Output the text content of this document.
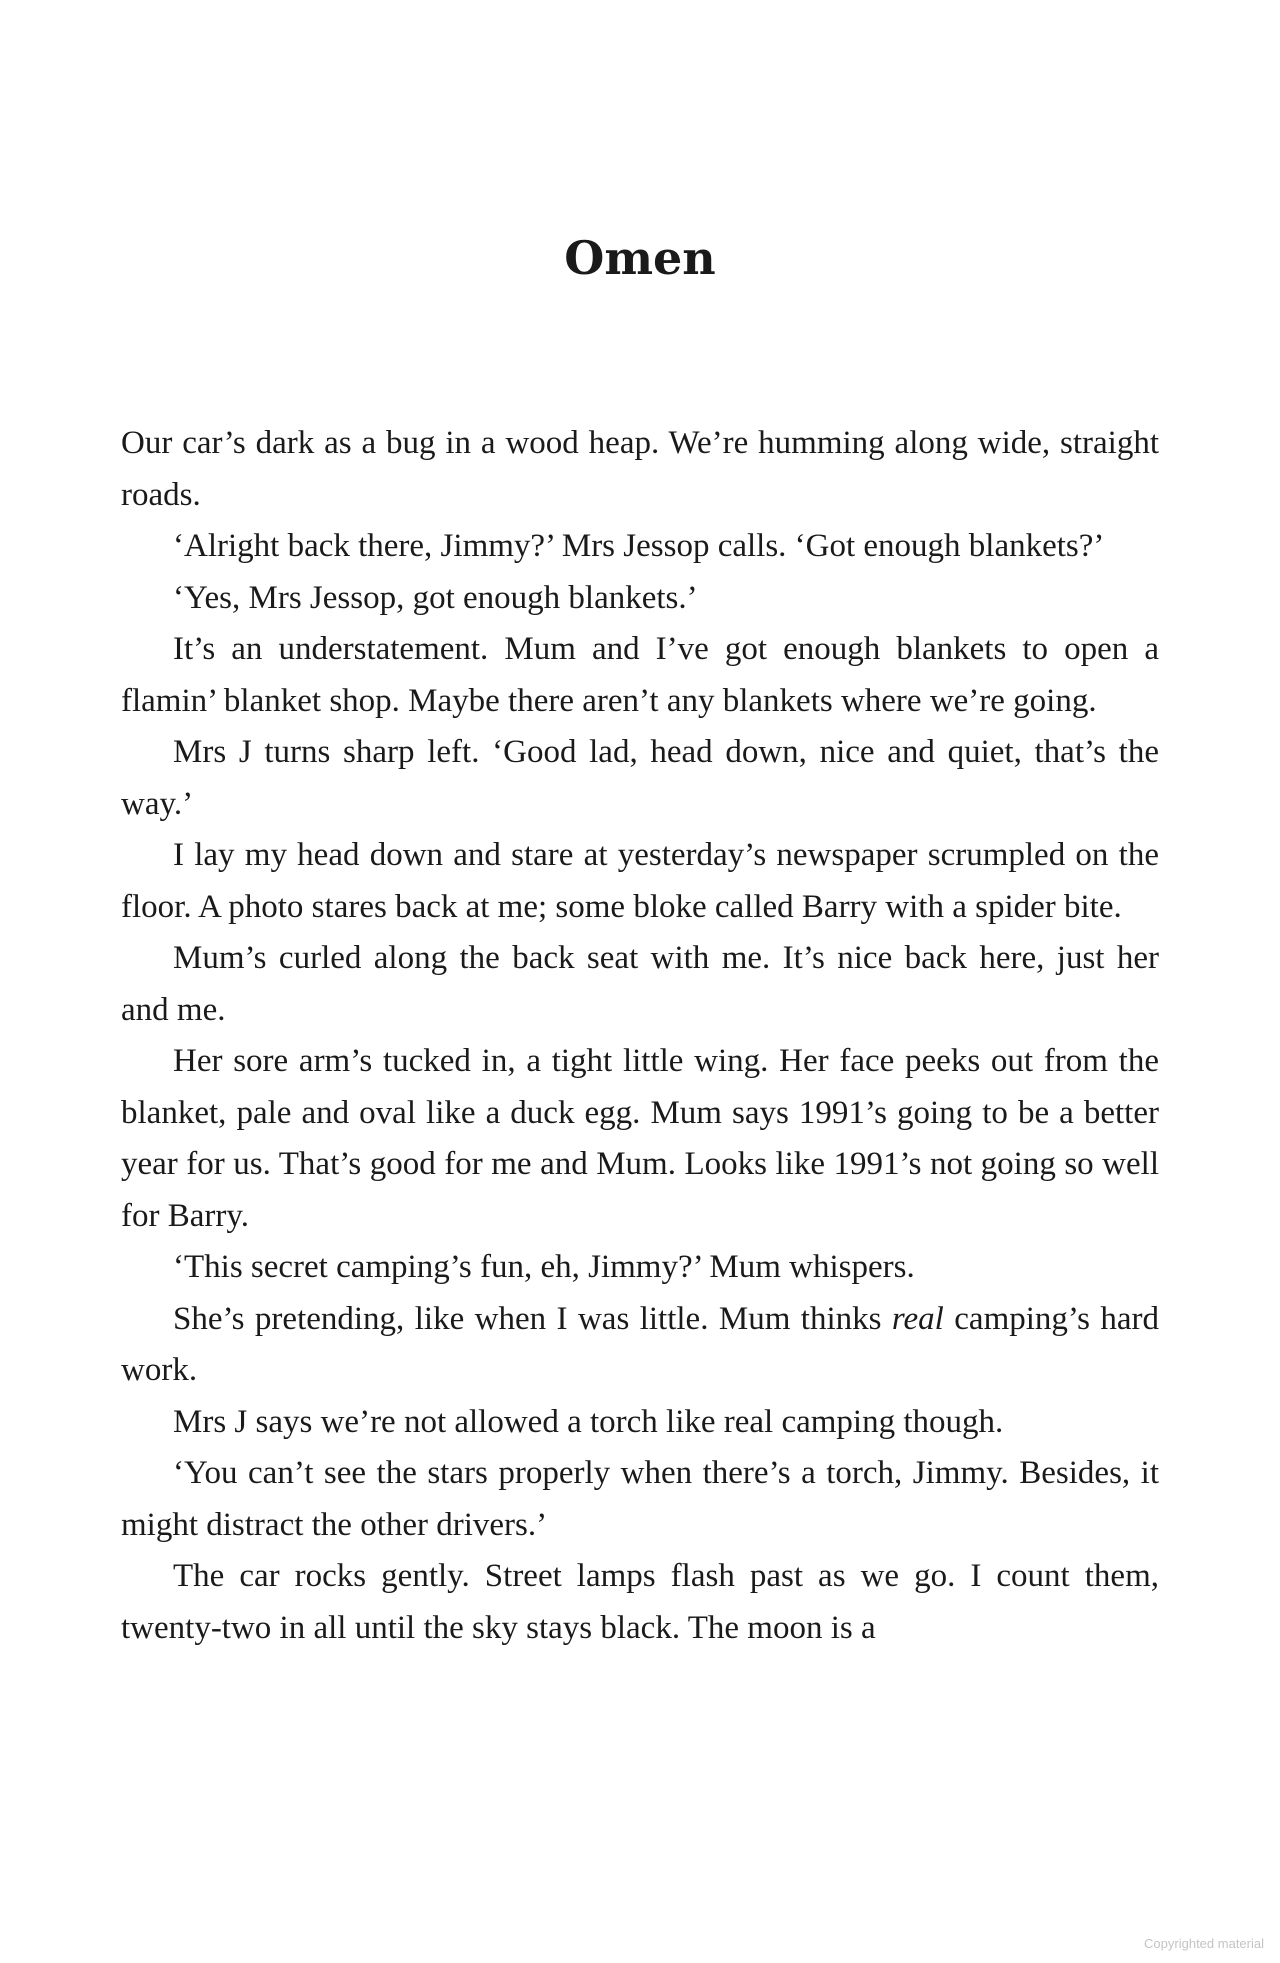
Omen

Our car’s dark as a bug in a wood heap. We’re humming along wide, straight roads.

‘Alright back there, Jimmy?’ Mrs Jessop calls. ‘Got enough blankets?’

‘Yes, Mrs Jessop, got enough blankets.’

It’s an understatement. Mum and I’ve got enough blankets to open a flamin’ blanket shop. Maybe there aren’t any blankets where we’re going.

Mrs J turns sharp left. ‘Good lad, head down, nice and quiet, that’s the way.’

I lay my head down and stare at yesterday’s newspaper scrumpled on the floor. A photo stares back at me; some bloke called Barry with a spider bite.

Mum’s curled along the back seat with me. It’s nice back here, just her and me.

Her sore arm’s tucked in, a tight little wing. Her face peeks out from the blanket, pale and oval like a duck egg. Mum says 1991’s going to be a better year for us. That’s good for me and Mum. Looks like 1991’s not going so well for Barry.

‘This secret camping’s fun, eh, Jimmy?’ Mum whispers.

She’s pretending, like when I was little. Mum thinks real camping’s hard work.

Mrs J says we’re not allowed a torch like real camping though.

‘You can’t see the stars properly when there’s a torch, Jimmy. Besides, it might distract the other drivers.’

The car rocks gently. Street lamps flash past as we go. I count them, twenty-two in all until the sky stays black. The moon is a

Copyrighted material
